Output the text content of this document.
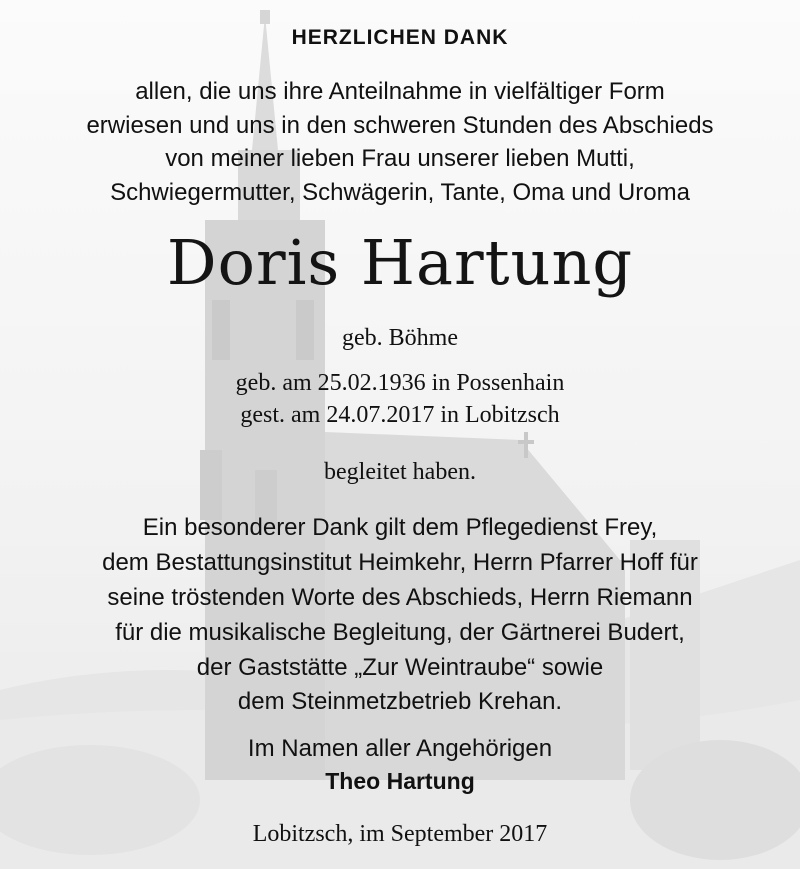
HERZLICHEN DANK
allen, die uns ihre Anteilnahme in vielfältiger Form
erwiesen und uns in den schweren Stunden des Abschieds
von meiner lieben Frau unserer lieben Mutti,
Schwiegermutter, Schwägerin, Tante, Oma und Uroma
Doris Hartung
geb. Böhme
geb. am 25.02.1936 in Possenhain
gest. am 24.07.2017 in Lobitzsch
begleitet haben.
Ein besonderer Dank gilt dem Pflegedienst Frey,
dem Bestattungsinstitut Heimkehr, Herrn Pfarrer Hoff für
seine tröstenden Worte des Abschieds, Herrn Riemann
für die musikalische Begleitung, der Gärtnerei Budert,
der Gaststätte „Zur Weintraube“ sowie
dem Steinmetzbetrieb Krehan.
Im Namen aller Angehörigen
Theo Hartung
Lobitzsch, im September 2017
